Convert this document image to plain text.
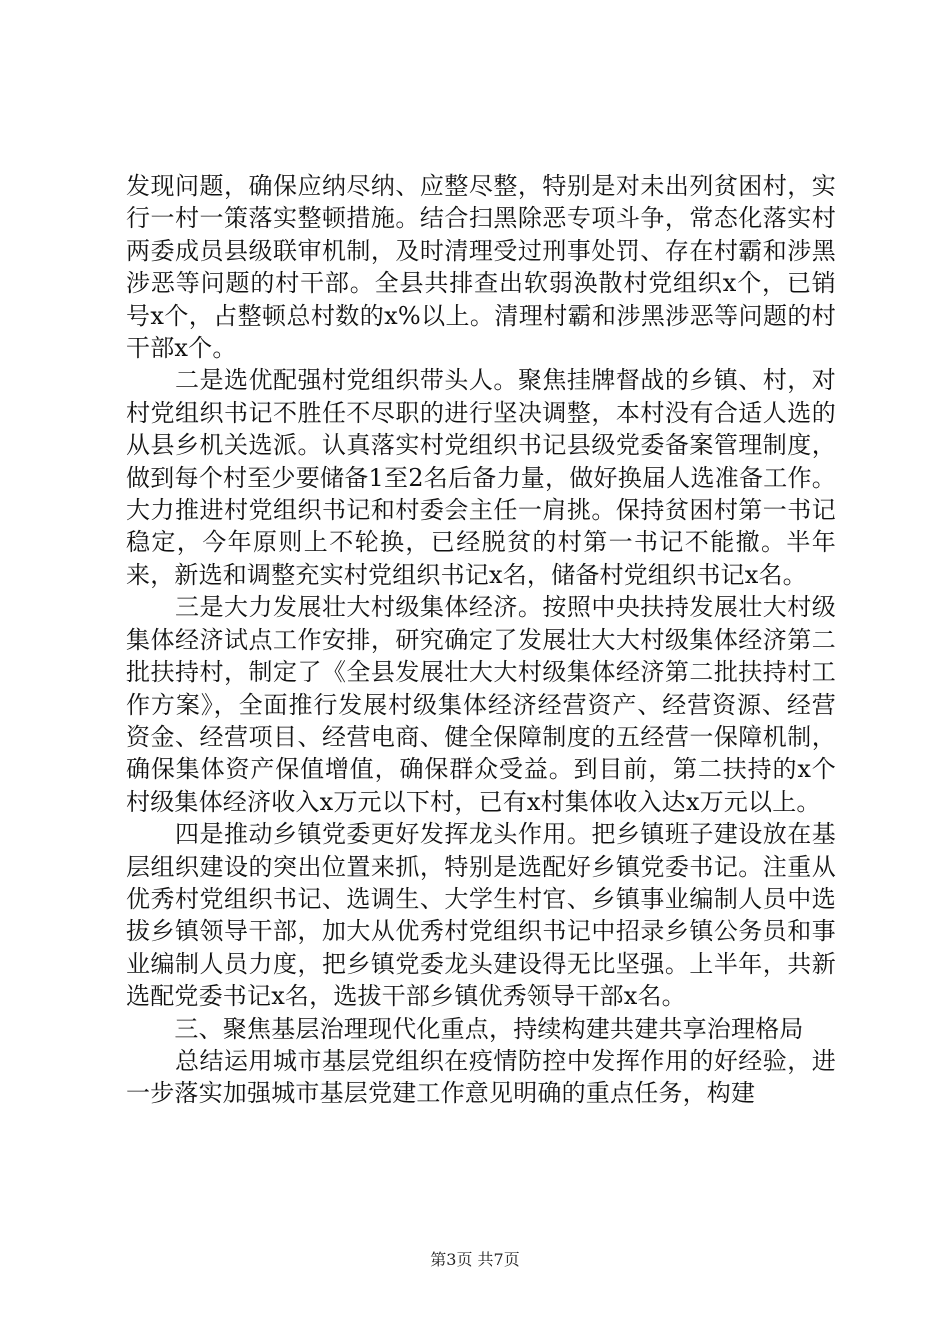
发现问题，确保应纳尽纳、应整尽整，特别是对未出列贫困村，实行一村一策落实整顿措施。结合扫黑除恶专项斗争，常态化落实村两委成员县级联审机制，及时清理受过刑事处罚、存在村霸和涉黑涉恶等问题的村干部。全县共排查出软弱涣散村党组织x个，已销号x个，占整顿总村数的x%以上。清理村霸和涉黑涉恶等问题的村干部x个。

　　二是选优配强村党组织带头人。聚焦挂牌督战的乡镇、村，对村党组织书记不胜任不尽职的进行坚决调整，本村没有合适人选的从县乡机关选派。认真落实村党组织书记县级党委备案管理制度，做到每个村至少要储备1至2名后备力量，做好换届人选准备工作。大力推进村党组织书记和村委会主任一肩挑。保持贫困村第一书记稳定，今年原则上不轮换，已经脱贫的村第一书记不能撤。半年来，新选和调整充实村党组织书记x名，储备村党组织书记x名。

　　三是大力发展壮大村级集体经济。按照中央扶持发展壮大村级集体经济试点工作安排，研究确定了发展壮大大村级集体经济第二批扶持村，制定了《全县发展壮大大村级集体经济第二批扶持村工作方案》，全面推行发展村级集体经济经营资产、经营资源、经营资金、经营项目、经营电商、健全保障制度的五经营一保障机制，确保集体资产保值增值，确保群众受益。到目前，第二扶持的x个村级集体经济收入x万元以下村，已有x村集体收入达x万元以上。

　　四是推动乡镇党委更好发挥龙头作用。把乡镇班子建设放在基层组织建设的突出位置来抓，特别是选配好乡镇党委书记。注重从优秀村党组织书记、选调生、大学生村官、乡镇事业编制人员中选拔乡镇领导干部，加大从优秀村党组织书记中招录乡镇公务员和事业编制人员力度，把乡镇党委龙头建设得无比坚强。上半年，共新选配党委书记x名，选拔干部乡镇优秀领导干部x名。

　　三、聚焦基层治理现代化重点，持续构建共建共享治理格局

　　总结运用城市基层党组织在疫情防控中发挥作用的好经验，进一步落实加强城市基层党建工作意见明确的重点任务，构建

第3页 共7页
